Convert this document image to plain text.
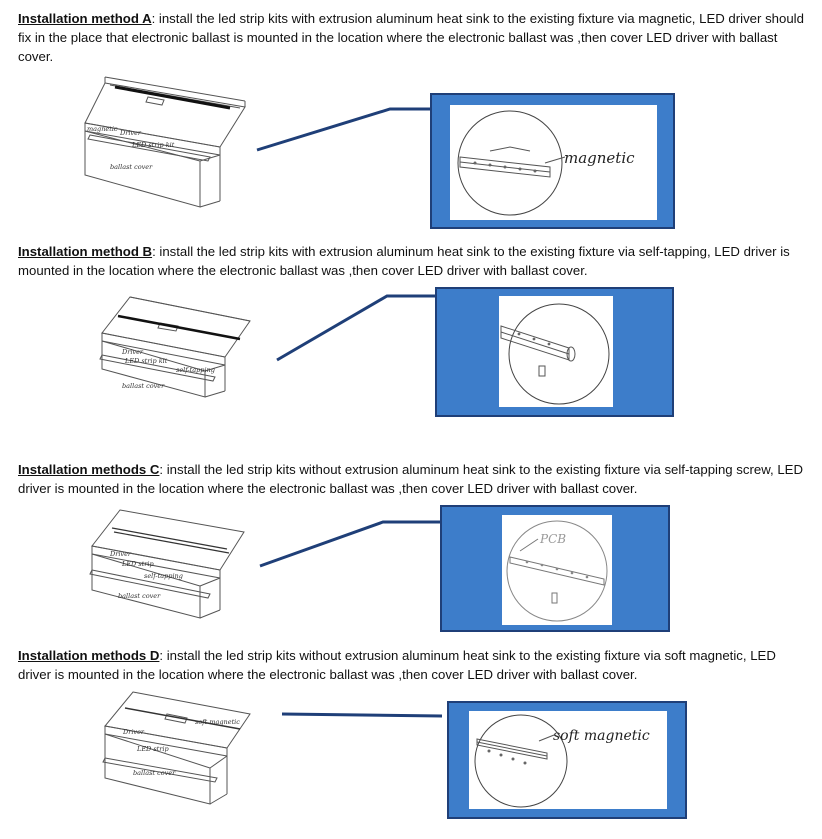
Installation method A: install the led strip kits with extrusion aluminum heat sink to the existing fixture via magnetic, LED driver should fix in the place that electronic ballast is mounted in the location where the electronic ballast was ,then cover LED driver with ballast cover.

magnetic Driver
LED strip kit
ballast cover	magnetic

Installation method B: install the led strip kits with extrusion aluminum heat sink to the existing fixture via self-tapping, LED driver is mounted in the location where the electronic ballast was ,then cover LED driver with ballast cover.

Driver
LED strip kit
self-tapping
ballast cover

Installation methods C: install the led strip kits without extrusion aluminum heat sink to the existing fixture via self-tapping screw, LED driver is mounted in the location where the electronic ballast was ,then cover LED driver with ballast cover.

Driver
LED strip
self-tapping
ballast cover
PCB

Installation methods D: install the led strip kits without extrusion aluminum heat sink to the existing fixture via soft magnetic, LED driver is mounted in the location where the electronic ballast was ,then cover LED driver with ballast cover.

soft magnetic
Driver
LED strip
ballast cover
soft magnetic
